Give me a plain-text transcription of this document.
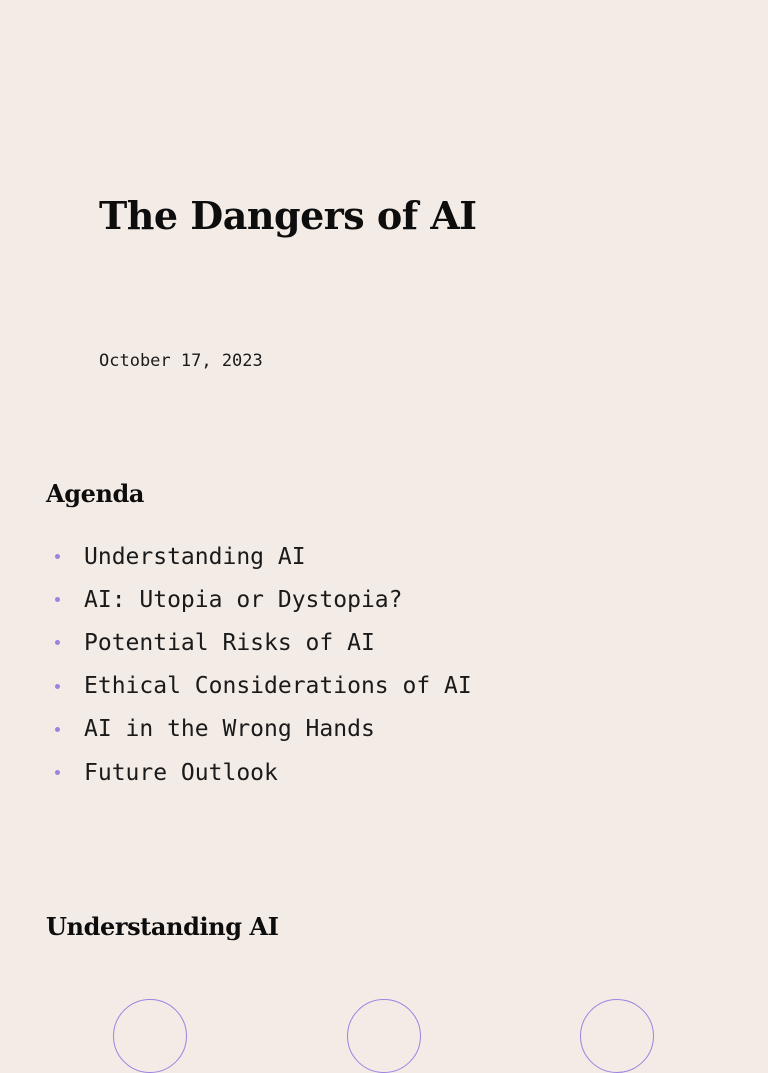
The Dangers of AI

October 17, 2023

Agenda
Understanding AI
AI: Utopia or Dystopia?
Potential Risks of AI
Ethical Considerations of AI
AI in the Wrong Hands
Future Outlook
Understanding AI
